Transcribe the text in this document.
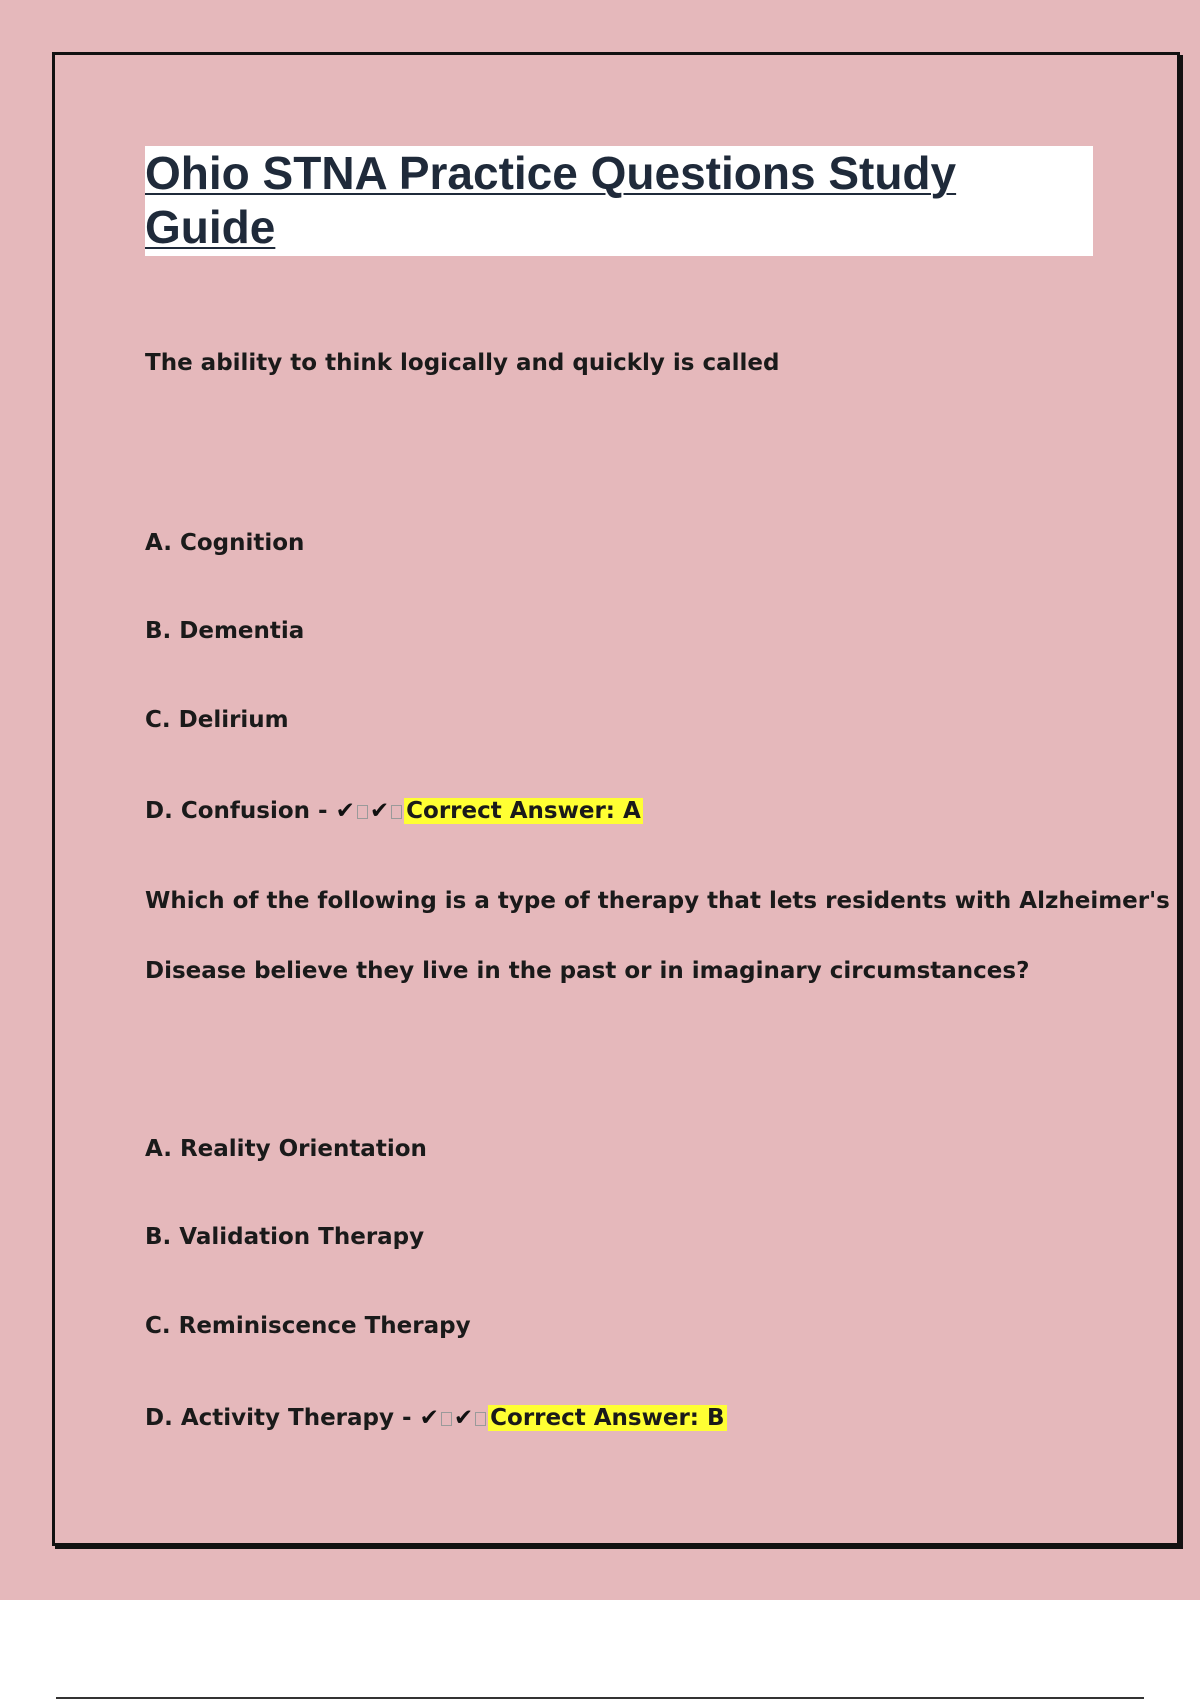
Ohio STNA Practice Questions Study Guide
The ability to think logically and quickly is called
A. Cognition
B. Dementia
C. Delirium
D. Confusion - ✔ ✔ Correct Answer: A
Which of the following is a type of therapy that lets residents with Alzheimer's
Disease believe they live in the past or in imaginary circumstances?
A. Reality Orientation
B. Validation Therapy
C. Reminiscence Therapy
D. Activity Therapy - ✔ ✔ Correct Answer: B
